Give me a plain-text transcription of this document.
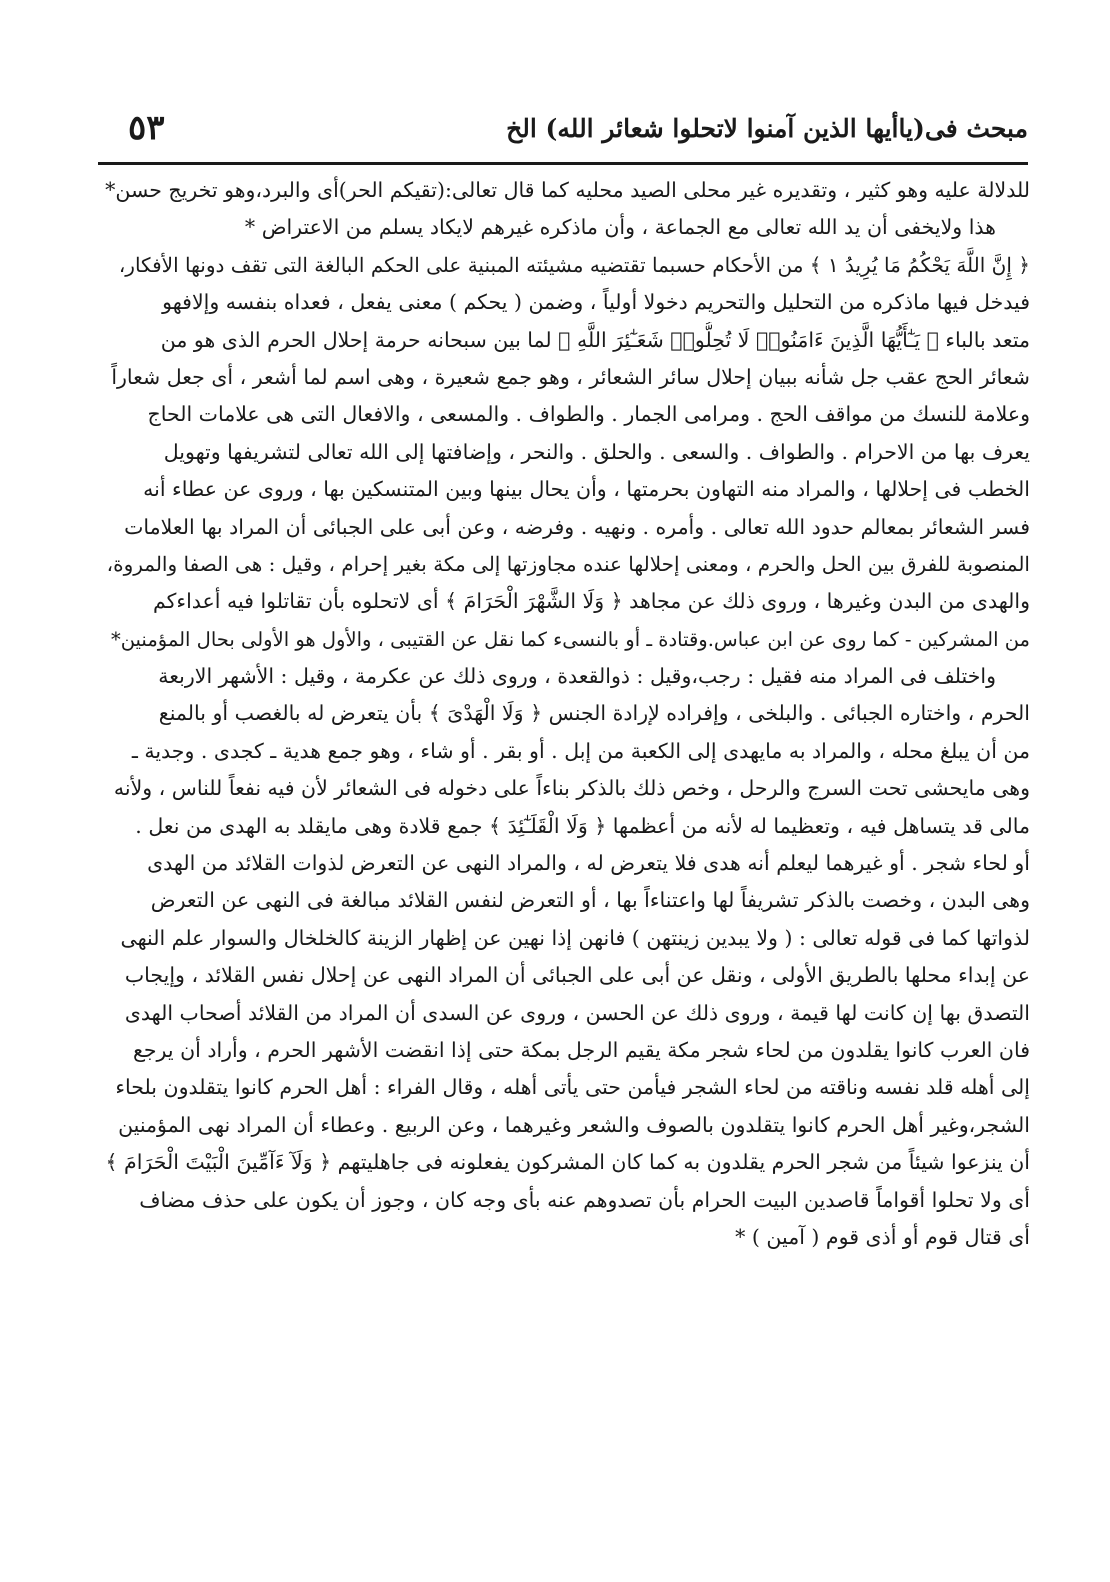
مبحث فى(ياأيها الذين آمنوا لاتحلوا شعائر الله) الخ
٥٣
للدلالة عليه وهو كثير ، وتقديره غير محلى الصيد محليه كما قال تعالى:(تقيكم الحر)أى والبرد،وهو تخريج حسن*
هذا ولايخفى أن يد الله تعالى مع الجماعة ، وأن ماذكره غيرهم لايكاد يسلم من الاعتراض *
﴿ إِنَّ اللَّهَ يَحْكُمُ مَا يُرِيدُ ١ ﴾ من الأحكام حسبما تقتضيه مشيئته المبنية على الحكم البالغة التى تقف دونها الأفكار،
فيدخل فيها ماذكره من التحليل والتحريم دخولا أولياً ، وضمن ( يحكم ) معنى يفعل ، فعداه بنفسه وإلافهو
متعد بالباء ﴿ يَـٰٓأَيُّهَا الَّذِينَ ءَامَنُوا۟ لَا تُحِلُّوا۟ شَعَـٰٓئِرَ اللَّهِ ﴾ لما بين سبحانه حرمة إحلال الحرم الذى هو من
شعائر الحج عقب جل شأنه ببيان إحلال سائر الشعائر ، وهو جمع شعيرة ، وهى اسم لما أشعر ، أى جعل شعاراً
وعلامة للنسك من مواقف الحج . ومرامى الجمار . والطواف . والمسعى ، والافعال التى هى علامات الحاج
يعرف بها من الاحرام . والطواف . والسعى . والحلق . والنحر ، وإضافتها إلى الله تعالى لتشريفها وتهويل
الخطب فى إحلالها ، والمراد منه التهاون بحرمتها ، وأن يحال بينها وبين المتنسكين بها ، وروى عن عطاء أنه
فسر الشعائر بمعالم حدود الله تعالى . وأمره . ونهيه . وفرضه ، وعن أبى على الجبائى أن المراد بها العلامات
المنصوبة للفرق بين الحل والحرم ، ومعنى إحلالها عنده مجاوزتها إلى مكة بغير إحرام ، وقيل : هى الصفا والمروة،
والهدى من البدن وغيرها ، وروى ذلك عن مجاهد ﴿ وَلَا الشَّهْرَ الْحَرَامَ ﴾ أى لاتحلوه بأن تقاتلوا فيه أعداءكم
من المشركين - كما روى عن ابن عباس.وقتادة ـ أو بالنسىء كما نقل عن القتيبى ، والأول هو الأولى بحال المؤمنين*
واختلف فى المراد منه فقيل : رجب،وقيل : ذوالقعدة ، وروى ذلك عن عكرمة ، وقيل : الأشهر الاربعة
الحرم ، واختاره الجبائى . والبلخى ، وإفراده لإرادة الجنس ﴿ وَلَا الْهَدْىَ ﴾ بأن يتعرض له بالغصب أو بالمنع
من أن يبلغ محله ، والمراد به مايهدى إلى الكعبة من إبل . أو بقر . أو شاء ، وهو جمع هدية ـ كجدى . وجدية ـ
وهى مايحشى تحت السرج والرحل ، وخص ذلك بالذكر بناءاً على دخوله فى الشعائر لأن فيه نفعاً للناس ، ولأنه
مالى قد يتساهل فيه ، وتعظيما له لأنه من أعظمها ﴿ وَلَا الْقَلَـٰٓئِدَ ﴾ جمع قلادة وهى مايقلد به الهدى من نعل .
أو لحاء شجر . أو غيرهما ليعلم أنه هدى فلا يتعرض له ، والمراد النهى عن التعرض لذوات القلائد من الهدى
وهى البدن ، وخصت بالذكر تشريفاً لها واعتناءاً بها ، أو التعرض لنفس القلائد مبالغة فى النهى عن التعرض
لذواتها كما فى قوله تعالى : ( ولا يبدين زينتهن ) فانهن إذا نهين عن إظهار الزينة كالخلخال والسوار علم النهى
عن إبداء محلها بالطريق الأولى ، ونقل عن أبى على الجبائى أن المراد النهى عن إحلال نفس القلائد ، وإيجاب
التصدق بها إن كانت لها قيمة ، وروى ذلك عن الحسن ، وروى عن السدى أن المراد من القلائد أصحاب الهدى
فان العرب كانوا يقلدون من لحاء شجر مكة يقيم الرجل بمكة حتى إذا انقضت الأشهر الحرم ، وأراد أن يرجع
إلى أهله قلد نفسه وناقته من لحاء الشجر فيأمن حتى يأتى أهله ، وقال الفراء : أهل الحرم كانوا يتقلدون بلحاء
الشجر،وغير أهل الحرم كانوا يتقلدون بالصوف والشعر وغيرهما ، وعن الربيع . وعطاء أن المراد نهى المؤمنين
أن ينزعوا شيئاً من شجر الحرم يقلدون به كما كان المشركون يفعلونه فى جاهليتهم ﴿ وَلَآ ءَآمِّينَ الْبَيْتَ الْحَرَامَ ﴾
أى ولا تحلوا أقواماً قاصدين البيت الحرام بأن تصدوهم عنه بأى وجه كان ، وجوز أن يكون على حذف مضاف
أى قتال قوم أو أذى قوم ( آمين ) *
